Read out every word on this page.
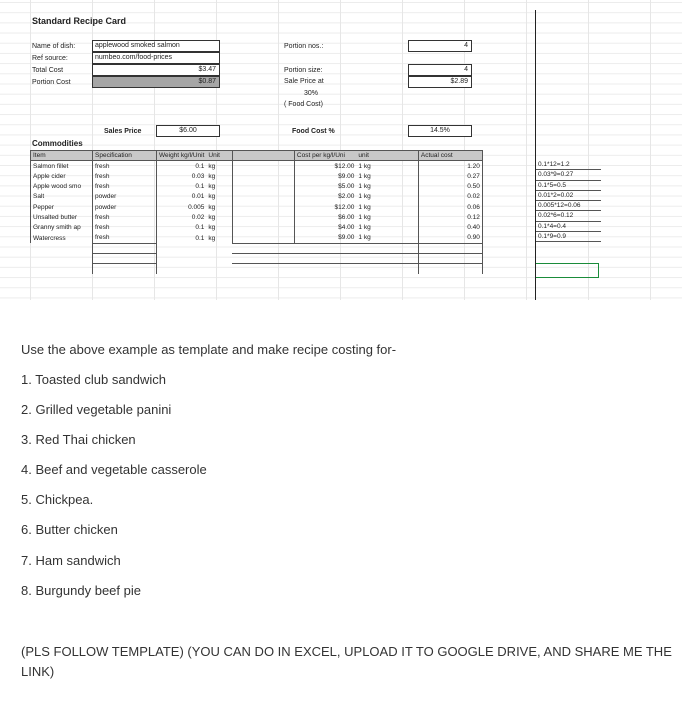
Standard Recipe Card
Name of dish:	applewood smoked salmon
Ref source:	numbeo.com/food-prices
Total Cost	$3.47
Portion Cost	$0.87
Portion nos.:	4
Portion size:	4
Sale Price at	$2.89
30%
( Food Cost)
Sales Price	$6.00	Food Cost %	14.5%
Commodities
Item	Specification	Weight kg/l/Unit	Unit		Cost per kg/l/Uni	unit	Actual cost
Salmon fillet	fresh	0.1	kg		$12.00	1 kg	1.20
Apple cider	fresh	0.03	kg		$9.00	1 kg	0.27
Apple wood smo	fresh	0.1	kg		$5.00	1 kg	0.50
Salt	powder	0.01	kg		$2.00	1 kg	0.02
Pepper	powder	0.005	kg		$12.00	1 kg	0.06
Unsalted butter	fresh	0.02	kg		$6.00	1 kg	0.12
Granny smith ap	fresh	0.1	kg		$4.00	1 kg	0.40
Watercress	fresh	0.1	kg		$9.00	1 kg	0.90

0.1*12=1.2
0.03*9=0.27
0.1*5=0.5
0.01*2=0.02
0.005*12=0.06
0.02*6=0.12
0.1*4=0.4
0.1*9=0.9
Use the above example as template and make recipe costing for-
1. Toasted club sandwich
2. Grilled vegetable panini
3. Red Thai chicken
4. Beef and vegetable casserole
5. Chickpea.
6. Butter chicken
7. Ham sandwich
8. Burgundy beef pie
(PLS FOLLOW TEMPLATE) (YOU CAN DO IN EXCEL, UPLOAD IT TO GOOGLE DRIVE, AND SHARE ME THE
LINK)
